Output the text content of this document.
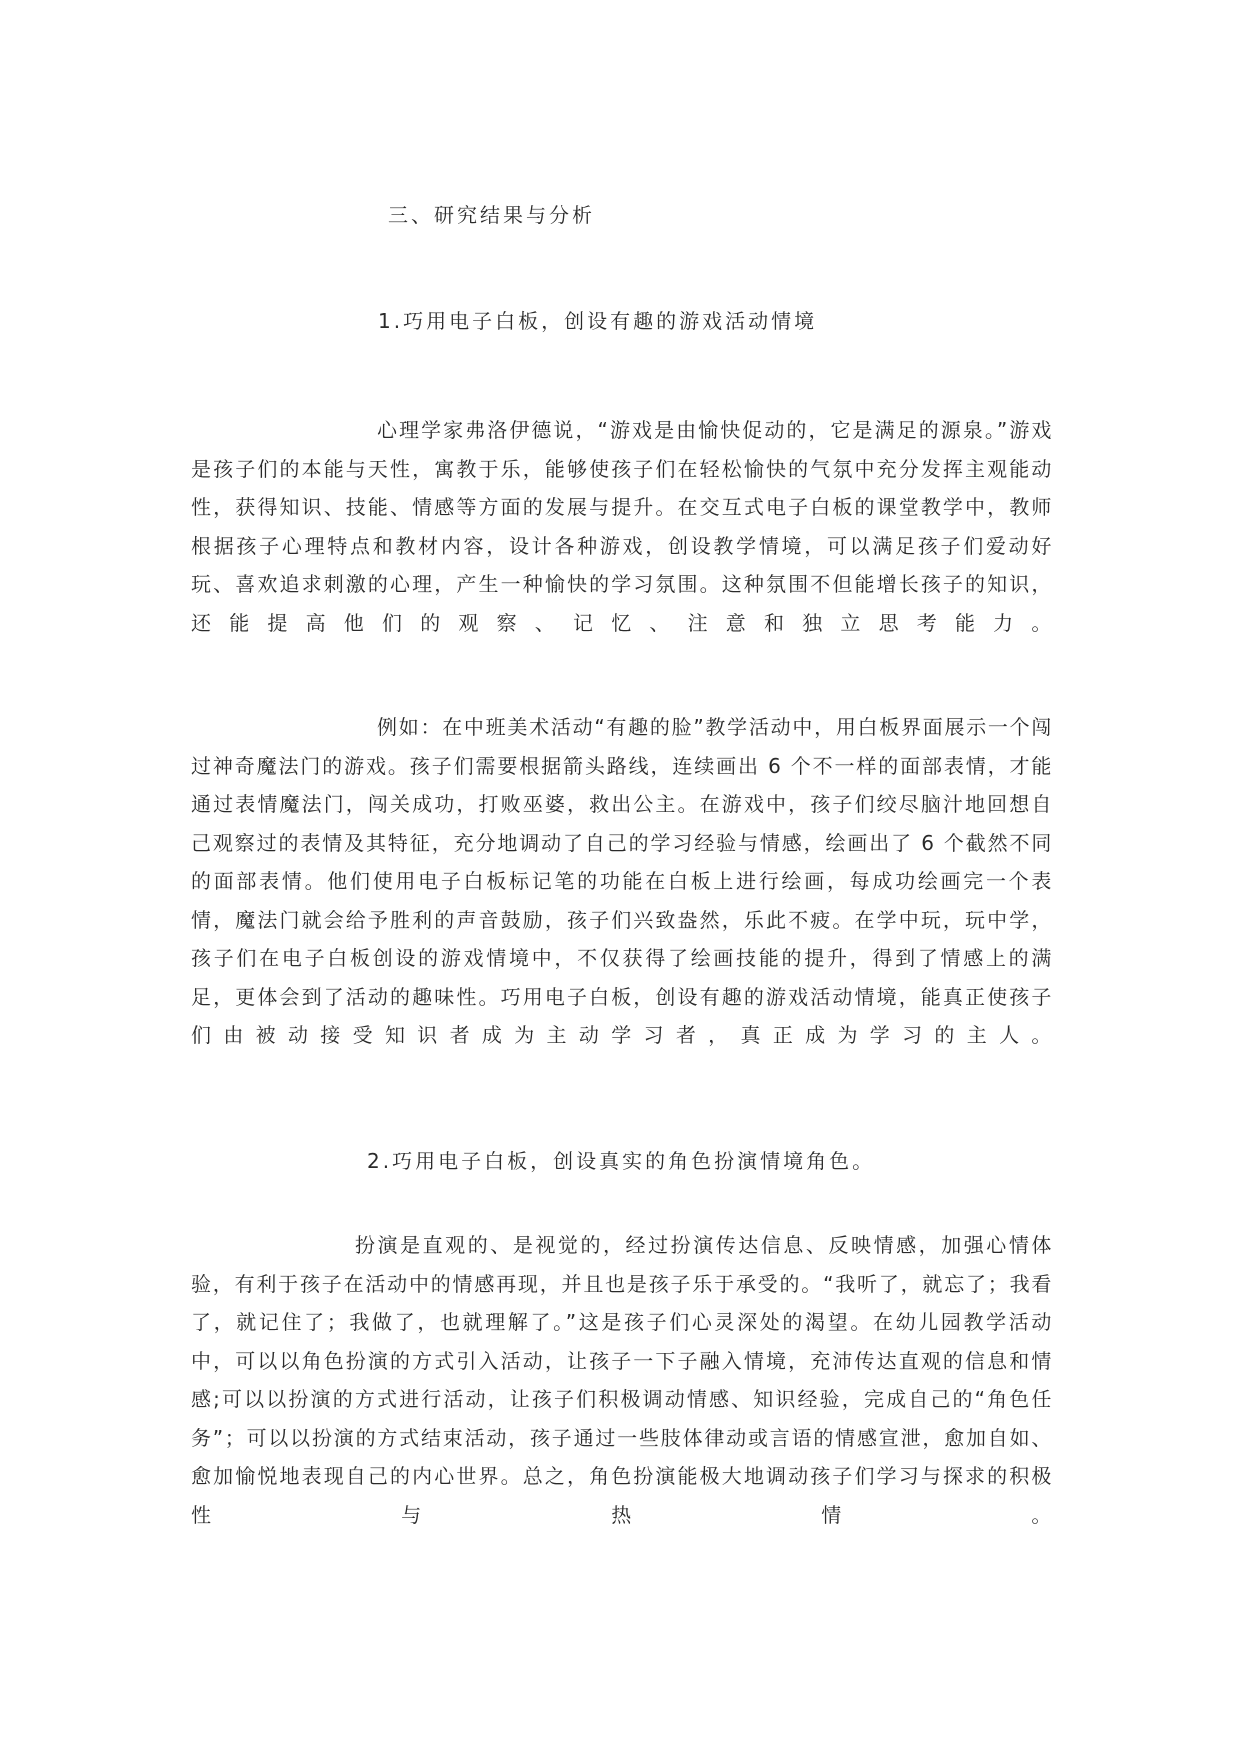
三、研究结果与分析
1.巧用电子白板，创设有趣的游戏活动情境

心理学家弗洛伊德说，“游戏是由愉快促动的，它是满足的源泉。”游戏是孩子们的本能与天性，寓教于乐，能够使孩子们在轻松愉快的气氛中充分发挥主观能动性，获得知识、技能、情感等方面的发展与提升。在交互式电子白板的课堂教学中，教师根据孩子心理特点和教材内容，设计各种游戏，创设教学情境，可以满足孩子们爱动好玩、喜欢追求刺激的心理，产生一种愉快的学习氛围。这种氛围不但能增长孩子的知识，还能提高他们的观察、记忆、注意和独立思考能力。

例如：在中班美术活动“有趣的脸”教学活动中，用白板界面展示一个闯过神奇魔法门的游戏。孩子们需要根据箭头路线，连续画出 6 个不一样的面部表情，才能通过表情魔法门，闯关成功，打败巫婆，救出公主。在游戏中，孩子们绞尽脑汁地回想自己观察过的表情及其特征，充分地调动了自己的学习经验与情感，绘画出了 6 个截然不同的面部表情。他们使用电子白板标记笔的功能在白板上进行绘画，每成功绘画完一个表情，魔法门就会给予胜利的声音鼓励，孩子们兴致盎然，乐此不疲。在学中玩，玩中学，孩子们在电子白板创设的游戏情境中，不仅获得了绘画技能的提升，得到了情感上的满足，更体会到了活动的趣味性。巧用电子白板，创设有趣的游戏活动情境，能真正使孩子们由被动接受知识者成为主动学习者，真正成为学习的主人。

2.巧用电子白板，创设真实的角色扮演情境角色。

扮演是直观的、是视觉的，经过扮演传达信息、反映情感，加强心情体验，有利于孩子在活动中的情感再现，并且也是孩子乐于承受的。“我听了，就忘了；我看了，就记住了；我做了，也就理解了。”这是孩子们心灵深处的渴望。在幼儿园教学活动中，可以以角色扮演的方式引入活动，让孩子一下子融入情境，充沛传达直观的信息和情感;可以以扮演的方式进行活动，让孩子们积极调动情感、知识经验，完成自己的“角色任务”；可以以扮演的方式结束活动，孩子通过一些肢体律动或言语的情感宣泄，愈加自如、愈加愉悦地表现自己的内心世界。总之，角色扮演能极大地调动孩子们学习与探求的积极性与热情。
